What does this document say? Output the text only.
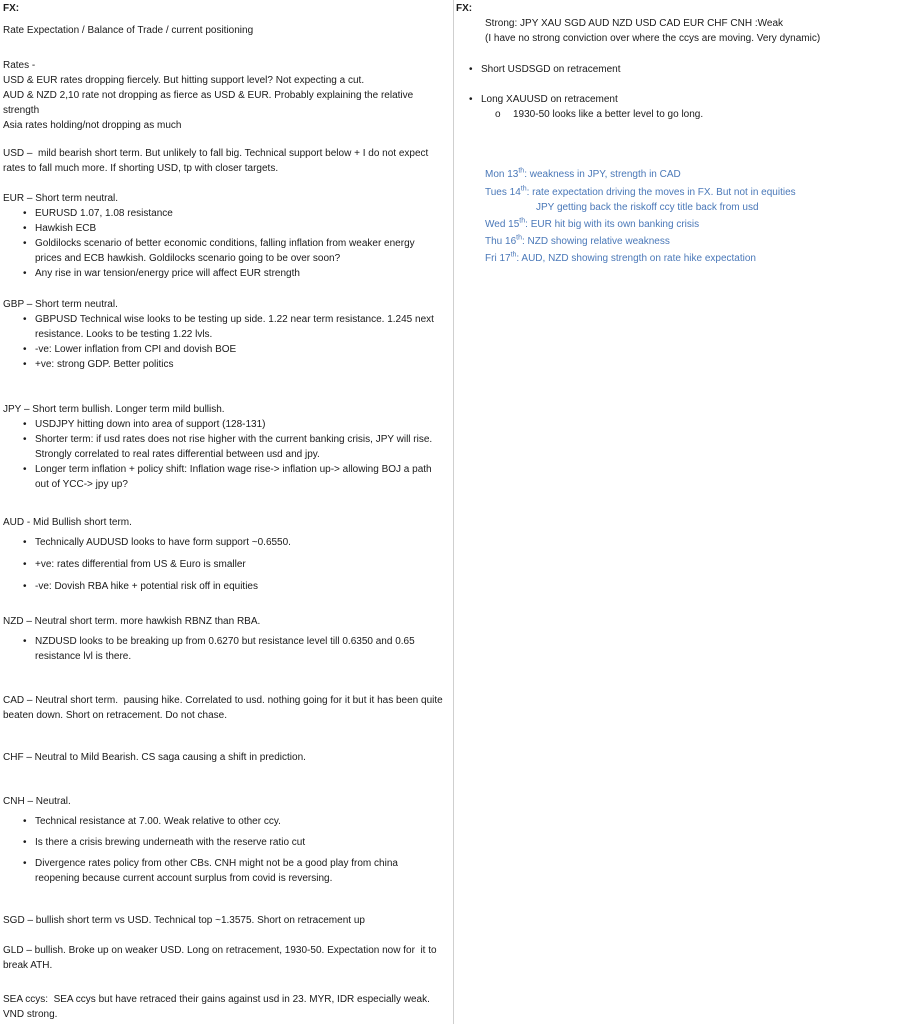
FX:
Rate Expectation / Balance of Trade / current positioning
Rates -
USD & EUR rates dropping fiercely. But hitting support level? Not expecting a cut.
AUD & NZD 2,10 rate not dropping as fierce as USD & EUR. Probably explaining the relative strength
Asia rates holding/not dropping as much
USD –  mild bearish short term. But unlikely to fall big. Technical support below + I do not expect rates to fall much more. If shorting USD, tp with closer targets.
EUR – Short term neutral.
• EURUSD 1.07, 1.08 resistance
• Hawkish ECB
• Goldilocks scenario of better economic conditions, falling inflation from weaker energy prices and ECB hawkish. Goldilocks scenario going to be over soon?
• Any rise in war tension/energy price will affect EUR strength
GBP – Short term neutral.
• GBPUSD Technical wise looks to be testing up side. 1.22 near term resistance. 1.245 next resistance. Looks to be testing 1.22 lvls.
• -ve: Lower inflation from CPI and dovish BOE
• +ve: strong GDP. Better politics
JPY – Short term bullish. Longer term mild bullish.
• USDJPY hitting down into area of support (128-131)
• Shorter term: if usd rates does not rise higher with the current banking crisis, JPY will rise. Strongly correlated to real rates differential between usd and jpy.
• Longer term inflation + policy shift: Inflation wage rise-> inflation up-> allowing BOJ a path out of YCC-> jpy up?
AUD - Mid Bullish short term.
• Technically AUDUSD looks to have form support ~0.6550.
• +ve: rates differential from US & Euro is smaller
• -ve: Dovish RBA hike + potential risk off in equities
NZD – Neutral short term. more hawkish RBNZ than RBA.
• NZDUSD looks to be breaking up from 0.6270 but resistance level till 0.6350 and 0.65 resistance lvl is there.
CAD – Neutral short term.  pausing hike. Correlated to usd. nothing going for it but it has been quite beaten down. Short on retracement. Do not chase.
CHF – Neutral to Mild Bearish. CS saga causing a shift in prediction.
CNH – Neutral.
• Technical resistance at 7.00. Weak relative to other ccy.
• Is there a crisis brewing underneath with the reserve ratio cut
• Divergence rates policy from other CBs. CNH might not be a good play from china reopening because current account surplus from covid is reversing.
SGD – bullish short term vs USD. Technical top ~1.3575. Short on retracement up
GLD – bullish. Broke up on weaker USD. Long on retracement, 1930-50. Expectation now for  it to break ATH.
SEA ccys:  SEA ccys but have retraced their gains against usd in 23. MYR, IDR especially weak. VND strong.
FX:
Strong: JPY XAU SGD AUD NZD USD CAD EUR CHF CNH :Weak
(I have no strong conviction over where the ccys are moving. Very dynamic)
• Short USDSGD on retracement
• Long XAUUSD on retracement
o 1930-50 looks like a better level to go long.
Mon 13th: weakness in JPY, strength in CAD
Tues 14th: rate expectation driving the moves in FX. But not in equities
JPY getting back the riskoff ccy title back from usd
Wed 15th: EUR hit big with its own banking crisis
Thu 16th: NZD showing relative weakness
Fri 17th: AUD, NZD showing strength on rate hike expectation
